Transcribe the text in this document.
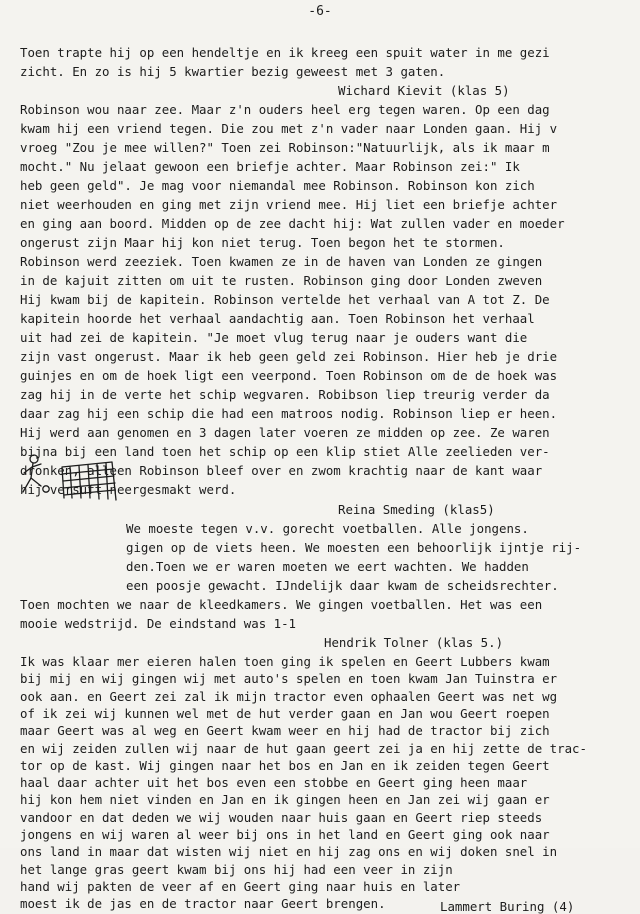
-6-
Toen trapte hij op een hendeltje en ik kreeg een spuit water in me gezi
zicht. En zo is hij 5 kwartier bezig geweest met 3 gaten.
Wichard Kievit (klas 5)
Robinson wou naar zee. Maar z'n ouders heel erg tegen waren. Op een dag
kwam hij een vriend tegen. Die zou met z'n vader naar Londen gaan. Hij v
vroeg "Zou je mee willen?" Toen zei Robinson:"Natuurlijk, als ik maar m
mocht." Nu jelaat gewoon een briefje achter. Maar Robinson zei:" Ik
heb geen geld". Je mag voor niemandal mee Robinson. Robinson kon zich
niet weerhouden en ging met zijn vriend mee. Hij liet een briefje achter
en ging aan boord. Midden op de zee dacht hij: Wat zullen vader en moeder
ongerust zijn Maar hij kon niet terug. Toen begon het te stormen.
Robinson werd zeeziek. Toen kwamen ze in de haven van Londen ze gingen
in de kajuit zitten om uit te rusten. Robinson ging door Londen zweven
Hij kwam bij de kapitein. Robinson vertelde het verhaal van A tot Z. De
kapitein hoorde het verhaal aandachtig aan. Toen Robinson het verhaal
uit had zei de kapitein. "Je moet vlug terug naar je ouders want die
zijn vast ongerust. Maar ik heb geen geld zei Robinson. Hier heb je drie
guinjes en om de hoek ligt een veerpond. Toen Robinson om de de hoek was
zag hij in de verte het schip wegvaren. Robibson liep treurig verder da
daar zag hij een schip die had een matroos nodig. Robinson liep er heen.
Hij werd aan genomen en 3 dagen later voeren ze midden op zee. Ze waren
bijna bij een land toen het schip op een klip stiet Alle zeelieden ver-
dronken, alleen Robinson bleef over en zwom krachtig naar de kant waar
hij versuft neergesmakt werd.
Reina Smeding (klas5)
We moeste tegen v.v. gorecht voetballen. Alle jongens.
gigen op de viets heen. We moesten een behoorlijk ijntje rij-
den.Toen we er waren moeten we eert wachten. We hadden
een poosje gewacht. IJndelijk daar kwam de scheidsrechter.
Toen mochten we naar de kleedkamers. We gingen voetballen. Het was een
mooie wedstrijd. De eindstand was 1-1
Hendrik Tolner (klas 5.)
Ik was klaar mer eieren halen toen ging ik spelen en Geert Lubbers kwam
bij mij en wij gingen wij met auto's spelen en toen kwam Jan Tuinstra er
ook aan. en Geert zei zal ik mijn tractor even ophaalen Geert was net wg
of ik zei wij kunnen wel met de hut verder gaan en Jan wou Geert roepen
maar Geert was al weg en Geert kwam weer en hij had de tractor bij zich
en wij zeiden zullen wij naar de hut gaan geert zei ja en hij zette de trac-
tor op de kast. Wij gingen naar het bos en Jan en ik zeiden tegen Geert
haal daar achter uit het bos even een stobbe en Geert ging heen maar
hij kon hem niet vinden en Jan en ik gingen heen en Jan zei wij gaan er
vandoor en dat deden we wij wouden naar huis gaan en Geert riep steeds
jongens en wij waren al weer bij ons in het land en Geert ging ook naar
ons land in maar dat wisten wij niet en hij zag ons en wij doken snel in
het lange gras geert kwam bij ons hij had een veer in zijn
hand wij pakten de veer af en Geert ging naar huis en later
moest ik de jas en de tractor naar Geert brengen.	Lammert Buring (4)
